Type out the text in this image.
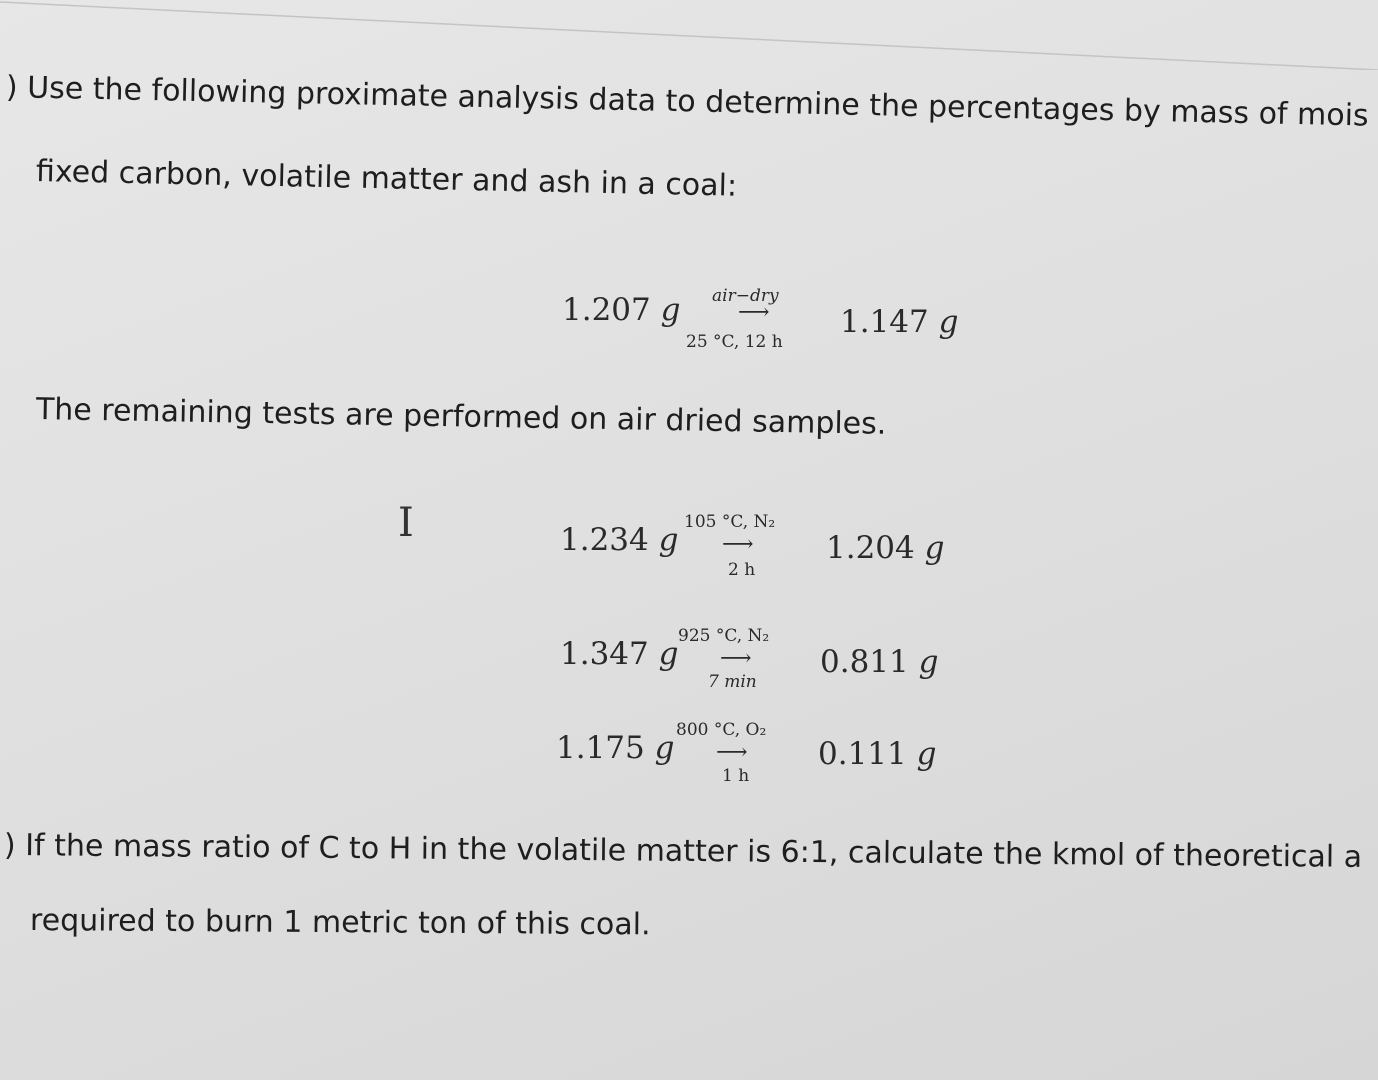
) Use the following proximate analysis data to determine the percentages by mass of mois
fixed carbon, volatile matter and ash in a coal:
1.207 g air−dry
⟶
25 °C, 12 h
1.147 g
The remaining tests are performed on air dried samples.
I	1.234 g 105 °C, N₂
⟶
2 h
1.204 g
1.347 g 925 °C, N₂
⟶
7 min
0.811 g
1.175 g 800 °C, O₂
⟶
1 h
0.111 g
) If the mass ratio of C to H in the volatile matter is 6:1, calculate the kmol of theoretical a
required to burn 1 metric ton of this coal.
